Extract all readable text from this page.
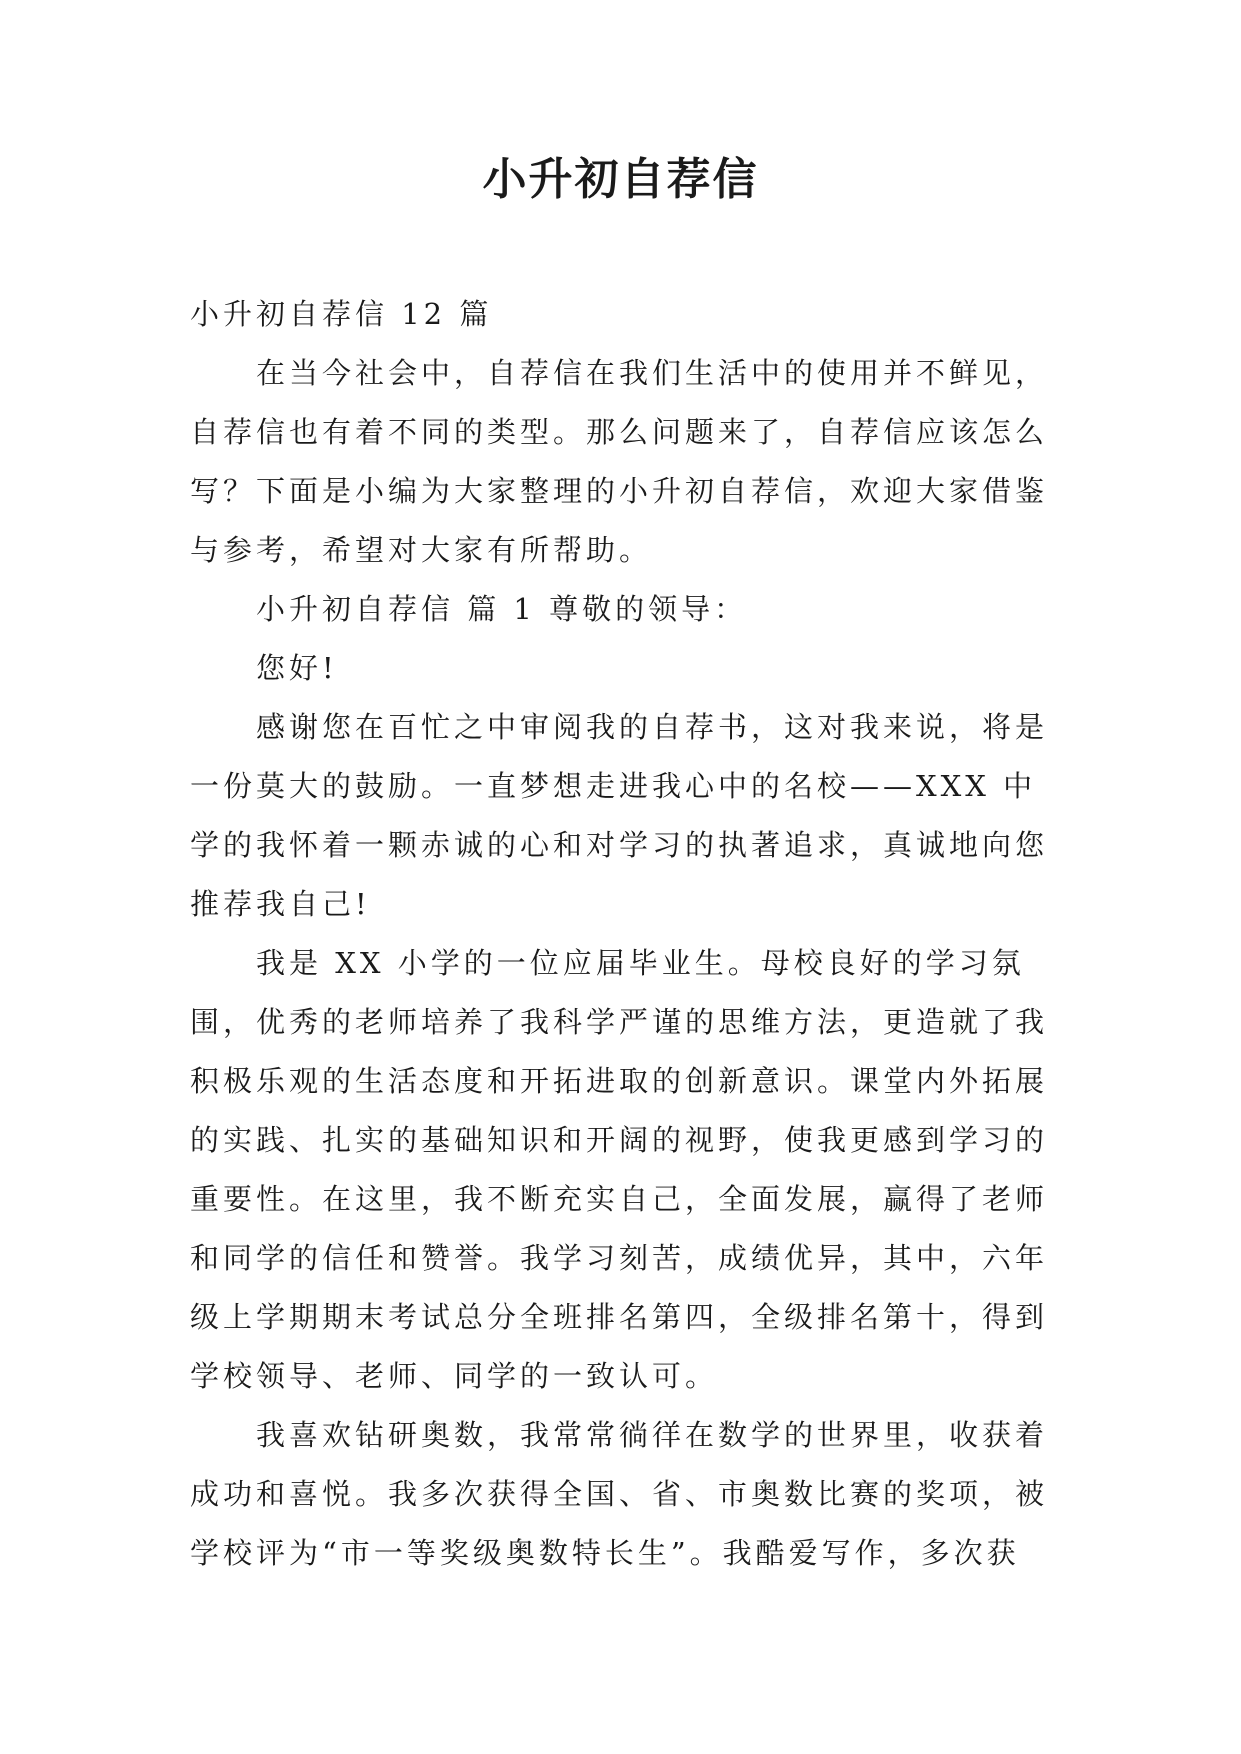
小升初自荐信

小升初自荐信 12 篇

在当今社会中，自荐信在我们生活中的使用并不鲜见，自荐信也有着不同的类型。那么问题来了，自荐信应该怎么写？下面是小编为大家整理的小升初自荐信，欢迎大家借鉴与参考，希望对大家有所帮助。

小升初自荐信 篇 1 尊敬的领导：

您好!

感谢您在百忙之中审阅我的自荐书，这对我来说，将是一份莫大的鼓励。一直梦想走进我心中的名校——XXX 中学的我怀着一颗赤诚的心和对学习的执著追求，真诚地向您推荐我自己!

我是 XX 小学的一位应届毕业生。母校良好的学习氛围，优秀的老师培养了我科学严谨的思维方法，更造就了我积极乐观的生活态度和开拓进取的创新意识。课堂内外拓展的实践、扎实的基础知识和开阔的视野，使我更感到学习的重要性。在这里，我不断充实自己，全面发展，赢得了老师和同学的信任和赞誉。我学习刻苦，成绩优异，其中，六年级上学期期末考试总分全班排名第四，全级排名第十，得到学校领导、老师、同学的一致认可。

我喜欢钻研奥数，我常常徜徉在数学的世界里，收获着成功和喜悦。我多次获得全国、省、市奥数比赛的奖项，被学校评为“市一等奖级奥数特长生”。我酷爱写作，多次获
